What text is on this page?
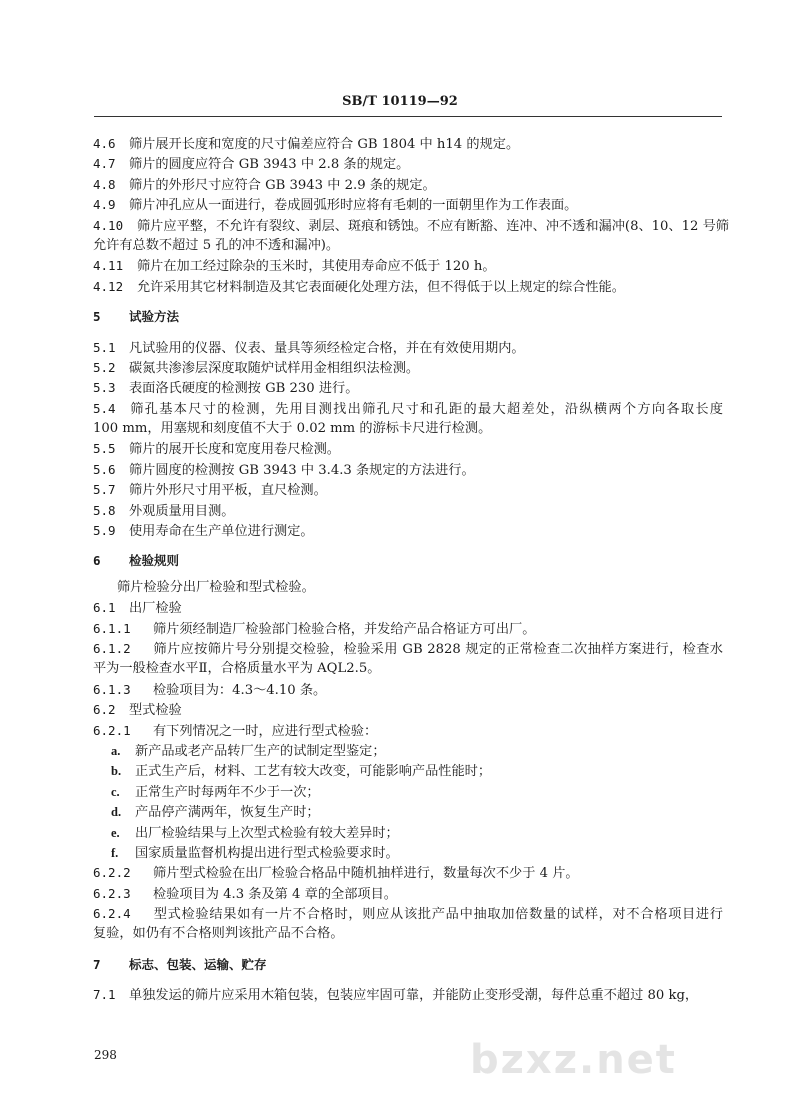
bzxz.net
SB/T 10119—92
4.6 筛片展开长度和宽度的尺寸偏差应符合 GB 1804 中 h14 的规定。
4.7 筛片的圆度应符合 GB 3943 中 2.8 条的规定。
4.8 筛片的外形尺寸应符合 GB 3943 中 2.9 条的规定。
4.9 筛片冲孔应从一面进行，卷成圆弧形时应将有毛刺的一面朝里作为工作表面。
4.10 筛片应平整，不允许有裂纹、剥层、斑痕和锈蚀。不应有断豁、连冲、冲不透和漏冲(8、10、12 号筛
允许有总数不超过 5 孔的冲不透和漏冲)。
4.11 筛片在加工经过除杂的玉米时，其使用寿命应不低于 120 h。
4.12 允许采用其它材料制造及其它表面硬化处理方法，但不得低于以上规定的综合性能。
5 试验方法
5.1 凡试验用的仪器、仪表、量具等须经检定合格，并在有效使用期内。
5.2 碳氮共渗渗层深度取随炉试样用金相组织法检测。
5.3 表面洛氏硬度的检测按 GB 230 进行。
5.4 筛孔基本尺寸的检测，先用目测找出筛孔尺寸和孔距的最大超差处，沿纵横两个方向各取长度
100 mm，用塞规和刻度值不大于 0.02 mm 的游标卡尺进行检测。
5.5 筛片的展开长度和宽度用卷尺检测。
5.6 筛片圆度的检测按 GB 3943 中 3.4.3 条规定的方法进行。
5.7 筛片外形尺寸用平板，直尺检测。
5.8 外观质量用目测。
5.9 使用寿命在生产单位进行测定。
6 检验规则
筛片检验分出厂检验和型式检验。
6.1 出厂检验
6.1.1 筛片须经制造厂检验部门检验合格，并发给产品合格证方可出厂。
6.1.2 筛片应按筛片号分别提交检验，检验采用 GB 2828 规定的正常检查二次抽样方案进行，检查水
平为一般检查水平Ⅱ，合格质量水平为 AQL2.5。
6.1.3 检验项目为：4.3～4.10 条。
6.2 型式检验
6.2.1 有下列情况之一时，应进行型式检验：
a. 新产品或老产品转厂生产的试制定型鉴定；
b. 正式生产后，材料、工艺有较大改变，可能影响产品性能时；
c. 正常生产时每两年不少于一次；
d. 产品停产满两年，恢复生产时；
e. 出厂检验结果与上次型式检验有较大差异时；
f. 国家质量监督机构提出进行型式检验要求时。
6.2.2 筛片型式检验在出厂检验合格品中随机抽样进行，数量每次不少于 4 片。
6.2.3 检验项目为 4.3 条及第 4 章的全部项目。
6.2.4 型式检验结果如有一片不合格时，则应从该批产品中抽取加倍数量的试样，对不合格项目进行
复验，如仍有不合格则判该批产品不合格。
7 标志、包装、运输、贮存
7.1 单独发运的筛片应采用木箱包装，包装应牢固可靠，并能防止变形受潮，每件总重不超过 80 kg，
298
